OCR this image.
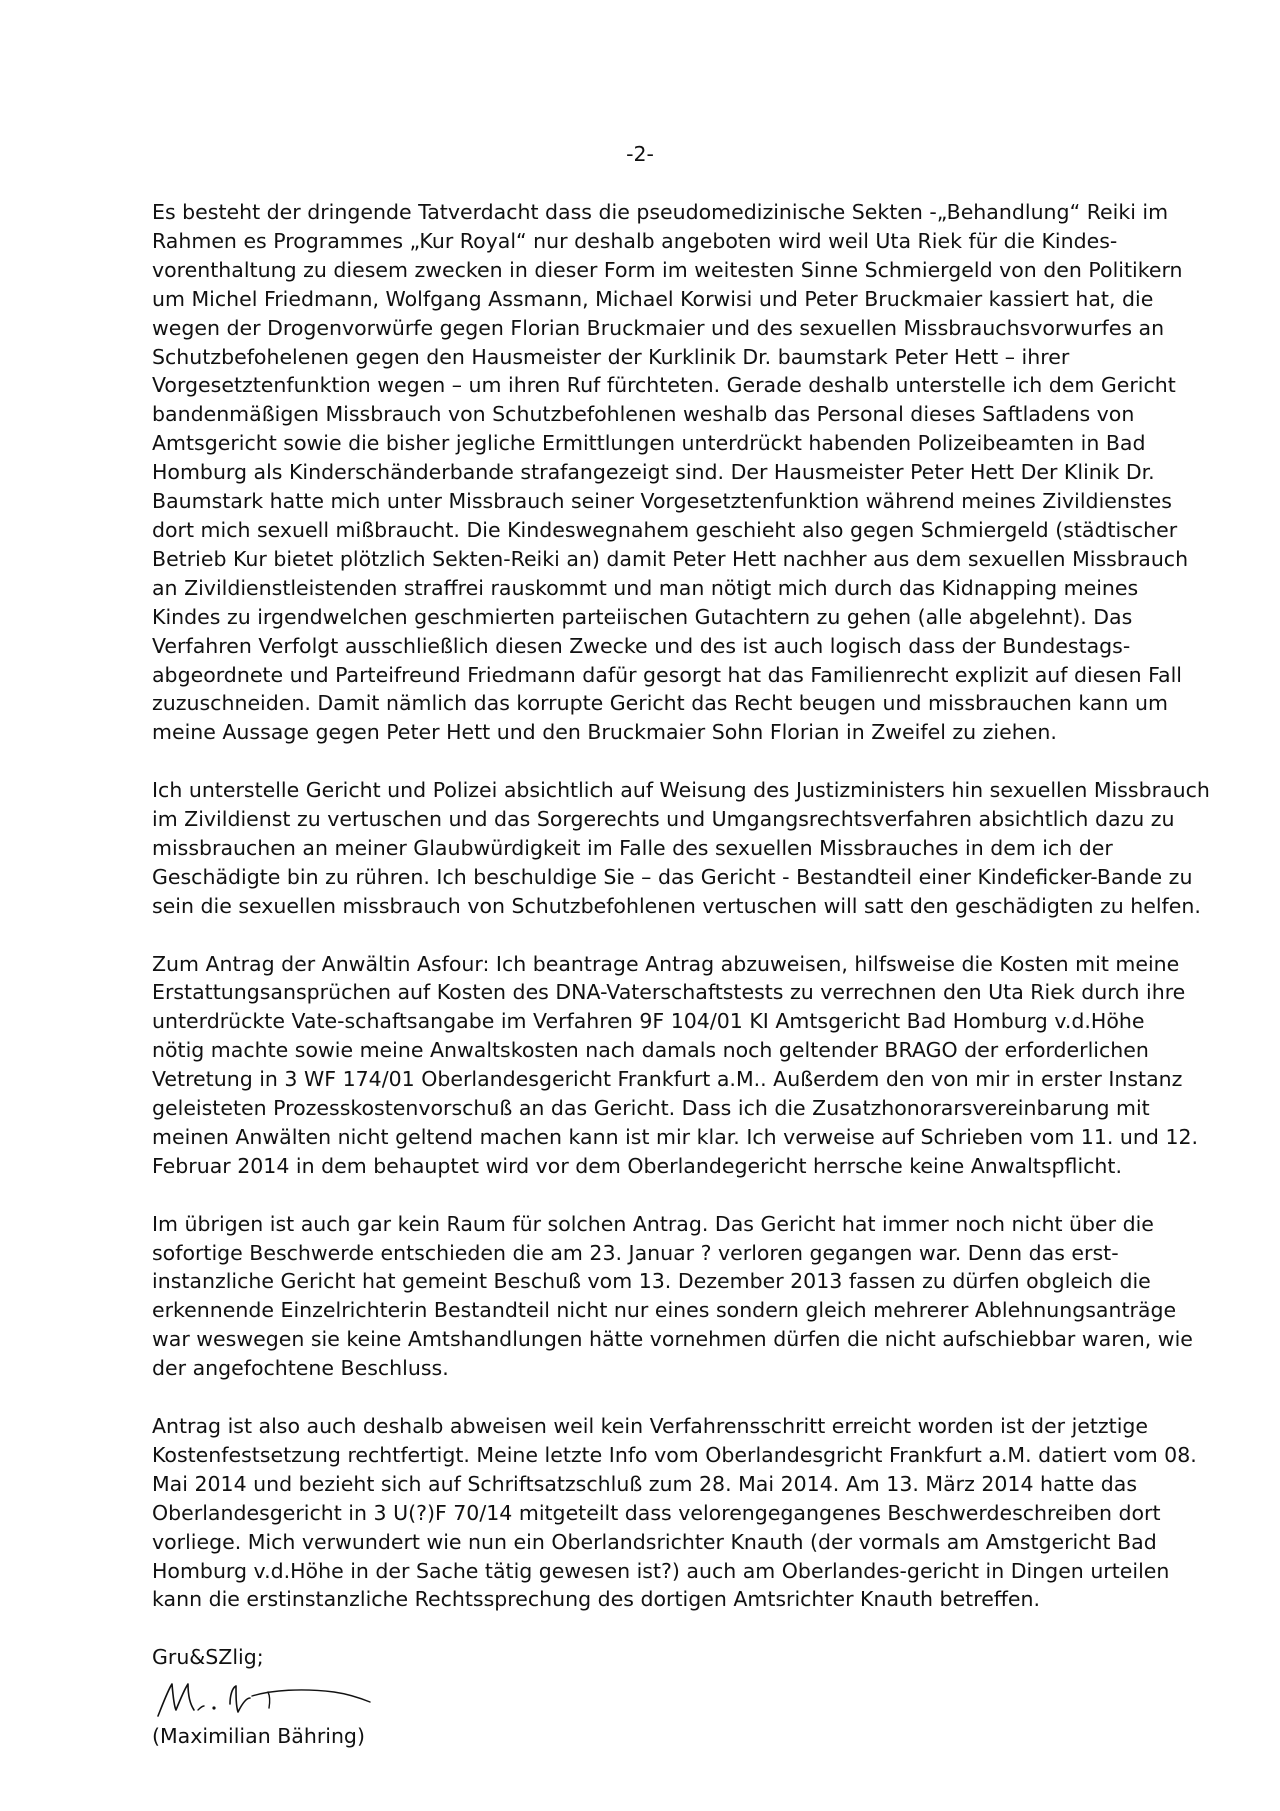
-2-
Es besteht der dringende Tatverdacht dass die pseudomedizinische Sekten -„Behandlung“ Reiki im
Rahmen es Programmes „Kur Royal“ nur deshalb angeboten wird weil Uta Riek für die Kindes-
vorenthaltung zu diesem zwecken in dieser Form im weitesten Sinne Schmiergeld von den Politikern
um Michel Friedmann, Wolfgang Assmann, Michael Korwisi und Peter Bruckmaier kassiert hat, die
wegen der Drogenvorwürfe gegen Florian Bruckmaier und des sexuellen Missbrauchsvorwurfes an
Schutzbefohelenen gegen den Hausmeister der Kurklinik Dr. baumstark Peter Hett – ihrer
Vorgesetztenfunktion wegen – um ihren Ruf fürchteten. Gerade deshalb unterstelle ich dem Gericht
bandenmäßigen Missbrauch von Schutzbefohlenen weshalb das Personal dieses Saftladens von
Amtsgericht sowie die bisher jegliche Ermittlungen unterdrückt habenden Polizeibeamten in Bad
Homburg als Kinderschänderbande strafangezeigt sind. Der Hausmeister Peter Hett Der Klinik Dr.
Baumstark hatte mich unter Missbrauch seiner Vorgesetztenfunktion während meines Zivildienstes
dort mich sexuell mißbraucht. Die Kindeswegnahem geschieht also gegen Schmiergeld (städtischer
Betrieb Kur bietet plötzlich Sekten-Reiki an) damit Peter Hett nachher aus dem sexuellen Missbrauch
an Zivildienstleistenden straffrei rauskommt und man nötigt mich durch das Kidnapping meines
Kindes zu irgendwelchen geschmierten parteiischen Gutachtern zu gehen (alle abgelehnt). Das
Verfahren Verfolgt ausschließlich diesen Zwecke und des ist auch logisch dass der Bundestags-
abgeordnete und Parteifreund Friedmann dafür gesorgt hat das Familienrecht explizit auf diesen Fall
zuzuschneiden. Damit nämlich das korrupte Gericht das Recht beugen und missbrauchen kann um
meine Aussage gegen Peter Hett und den Bruckmaier Sohn Florian in Zweifel zu ziehen.
Ich unterstelle Gericht und Polizei absichtlich auf Weisung des Justizministers hin sexuellen Missbrauch
im Zivildienst zu vertuschen und das Sorgerechts und Umgangsrechtsverfahren absichtlich dazu zu
missbrauchen an meiner Glaubwürdigkeit im Falle des sexuellen Missbrauches in dem ich der
Geschädigte bin zu rühren. Ich beschuldige Sie – das Gericht - Bestandteil einer Kindeficker-Bande zu
sein die sexuellen missbrauch von Schutzbefohlenen vertuschen will satt den geschädigten zu helfen.
Zum Antrag der Anwältin Asfour: Ich beantrage Antrag abzuweisen, hilfsweise die Kosten mit meine
Erstattungsansprüchen auf Kosten des DNA-Vaterschaftstests zu verrechnen den Uta Riek durch ihre
unterdrückte Vate-schaftsangabe im Verfahren 9F 104/01 KI Amtsgericht Bad Homburg v.d.Höhe
nötig machte sowie meine Anwaltskosten nach damals noch geltender BRAGO der erforderlichen
Vetretung in 3 WF 174/01 Oberlandesgericht Frankfurt a.M.. Außerdem den von mir in erster Instanz
geleisteten Prozesskostenvorschuß an das Gericht. Dass ich die Zusatzhonorarsvereinbarung mit
meinen Anwälten nicht geltend machen kann ist mir klar. Ich verweise auf Schrieben vom 11. und 12.
Februar 2014 in dem behauptet wird vor dem Oberlandegericht herrsche keine Anwaltspflicht.
Im übrigen ist auch gar kein Raum für solchen Antrag. Das Gericht hat immer noch nicht über die
sofortige Beschwerde entschieden die am 23. Januar ? verloren gegangen war. Denn das erst-
instanzliche Gericht hat gemeint Beschuß vom 13. Dezember 2013 fassen zu dürfen obgleich die
erkennende Einzelrichterin Bestandteil nicht nur eines sondern gleich mehrerer Ablehnungsanträge
war weswegen sie keine Amtshandlungen hätte vornehmen dürfen die nicht aufschiebbar waren, wie
der angefochtene Beschluss.
Antrag ist also auch deshalb abweisen weil kein Verfahrensschritt erreicht worden ist der jetztige
Kostenfestsetzung rechtfertigt. Meine letzte Info vom Oberlandesgricht Frankfurt a.M. datiert vom 08.
Mai 2014 und bezieht sich auf Schriftsatzschluß zum 28. Mai 2014. Am 13. März 2014 hatte das
Oberlandesgericht in 3 U(?)F 70/14 mitgeteilt dass velorengegangenes Beschwerdeschreiben dort
vorliege. Mich verwundert wie nun ein Oberlandsrichter Knauth (der vormals am Amstgericht Bad
Homburg v.d.Höhe in der Sache tätig gewesen ist?) auch am Oberlandes-gericht in Dingen urteilen
kann die erstinstanzliche Rechtssprechung des dortigen Amtsrichter Knauth betreffen.
Gru&SZlig;
(Maximilian Bähring)
